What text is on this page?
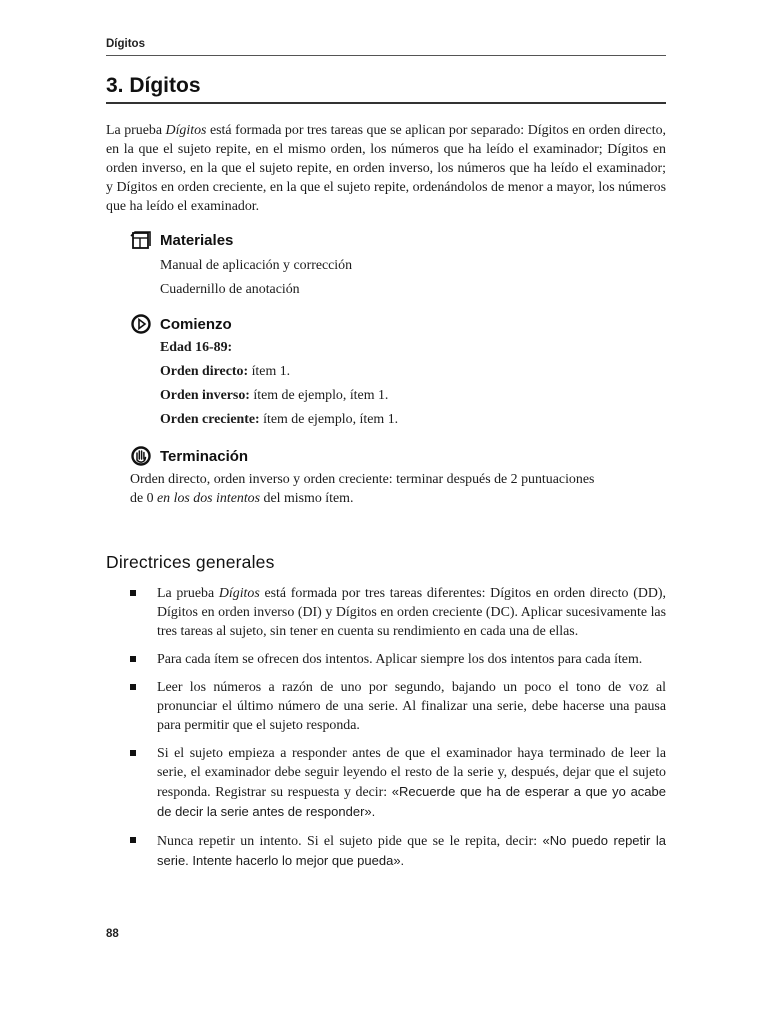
Dígitos
3. Dígitos

La prueba Dígitos está formada por tres tareas que se aplican por separado: Dígitos en orden directo, en la que el sujeto repite, en el mismo orden, los números que ha leído el examinador; Dígitos en orden inverso, en la que el sujeto repite, en orden inverso, los números que ha leído el examinador; y Dígitos en orden creciente, en la que el sujeto repite, ordenándolos de menor a mayor, los números que ha leído el examinador.

Materiales
Manual de aplicación y corrección
Cuadernillo de anotación
Comienzo
Edad 16-89:
Orden directo: ítem 1.
Orden inverso: ítem de ejemplo, ítem 1.
Orden creciente: ítem de ejemplo, ítem 1.
Terminación

Orden directo, orden inverso y orden creciente: terminar después de 2 puntuaciones de 0 en los dos intentos del mismo ítem.

Directrices generales
La prueba Dígitos está formada por tres tareas diferentes: Dígitos en orden directo (DD), Dígitos en orden inverso (DI) y Dígitos en orden creciente (DC). Aplicar sucesivamente las tres tareas al sujeto, sin tener en cuenta su rendimiento en cada una de ellas.
Para cada ítem se ofrecen dos intentos. Aplicar siempre los dos intentos para cada ítem.
Leer los números a razón de uno por segundo, bajando un poco el tono de voz al pronunciar el último número de una serie. Al finalizar una serie, debe hacerse una pausa para permitir que el sujeto responda.
Si el sujeto empieza a responder antes de que el examinador haya terminado de leer la serie, el examinador debe seguir leyendo el resto de la serie y, después, dejar que el sujeto responda. Registrar su respuesta y decir: «Recuerde que ha de esperar a que yo acabe de decir la serie antes de responder».
Nunca repetir un intento. Si el sujeto pide que se le repita, decir: «No puedo repetir la serie. Intente hacerlo lo mejor que pueda».
88
